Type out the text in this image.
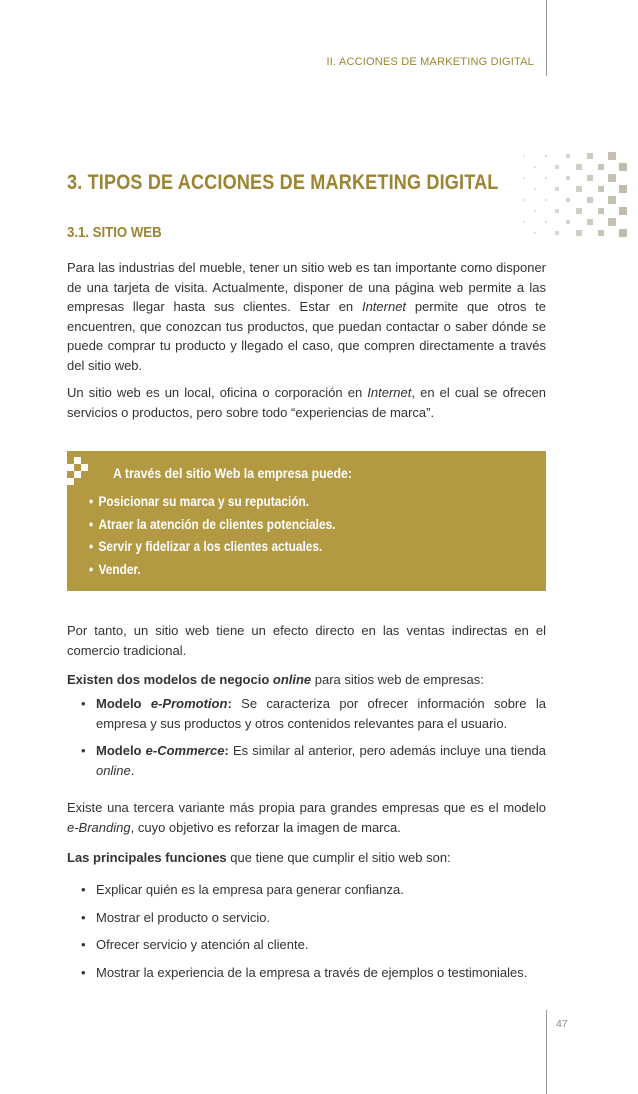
II. ACCIONES DE MARKETING DIGITAL
3. TIPOS DE ACCIONES DE MARKETING DIGITAL
3.1. SITIO WEB

Para las industrias del mueble, tener un sitio web es tan importante como disponer de una tarjeta de visita. Actualmente, disponer de una página web permite a las empresas llegar hasta sus clientes. Estar en Internet permite que otros te encuentren, que conozcan tus productos, que puedan contactar o saber dónde se puede comprar tu producto y llegado el caso, que compren directamente a través del sitio web.

Un sitio web es un local, oficina o corporación en Internet, en el cual se ofrecen servicios o productos, pero sobre todo “experiencias de marca”.

A través del sitio Web la empresa puede:
• Posicionar su marca y su reputación.
• Atraer la atención de clientes potenciales.
• Servir y fidelizar a los clientes actuales.
• Vender.

Por tanto, un sitio web tiene un efecto directo en las ventas indirectas en el comercio tradicional.

Existen dos modelos de negocio online para sitios web de empresas:

• Modelo e-Promotion: Se caracteriza por ofrecer información sobre la empresa y sus productos y otros contenidos relevantes para el usuario.
• Modelo e-Commerce: Es similar al anterior, pero además incluye una tienda online.

Existe una tercera variante más propia para grandes empresas que es el modelo e-Branding, cuyo objetivo es reforzar la imagen de marca.

Las principales funciones que tiene que cumplir el sitio web son:

• Explicar quién es la empresa para generar confianza.
• Mostrar el producto o servicio.
• Ofrecer servicio y atención al cliente.
• Mostrar la experiencia de la empresa a través de ejemplos o testimoniales.
47
